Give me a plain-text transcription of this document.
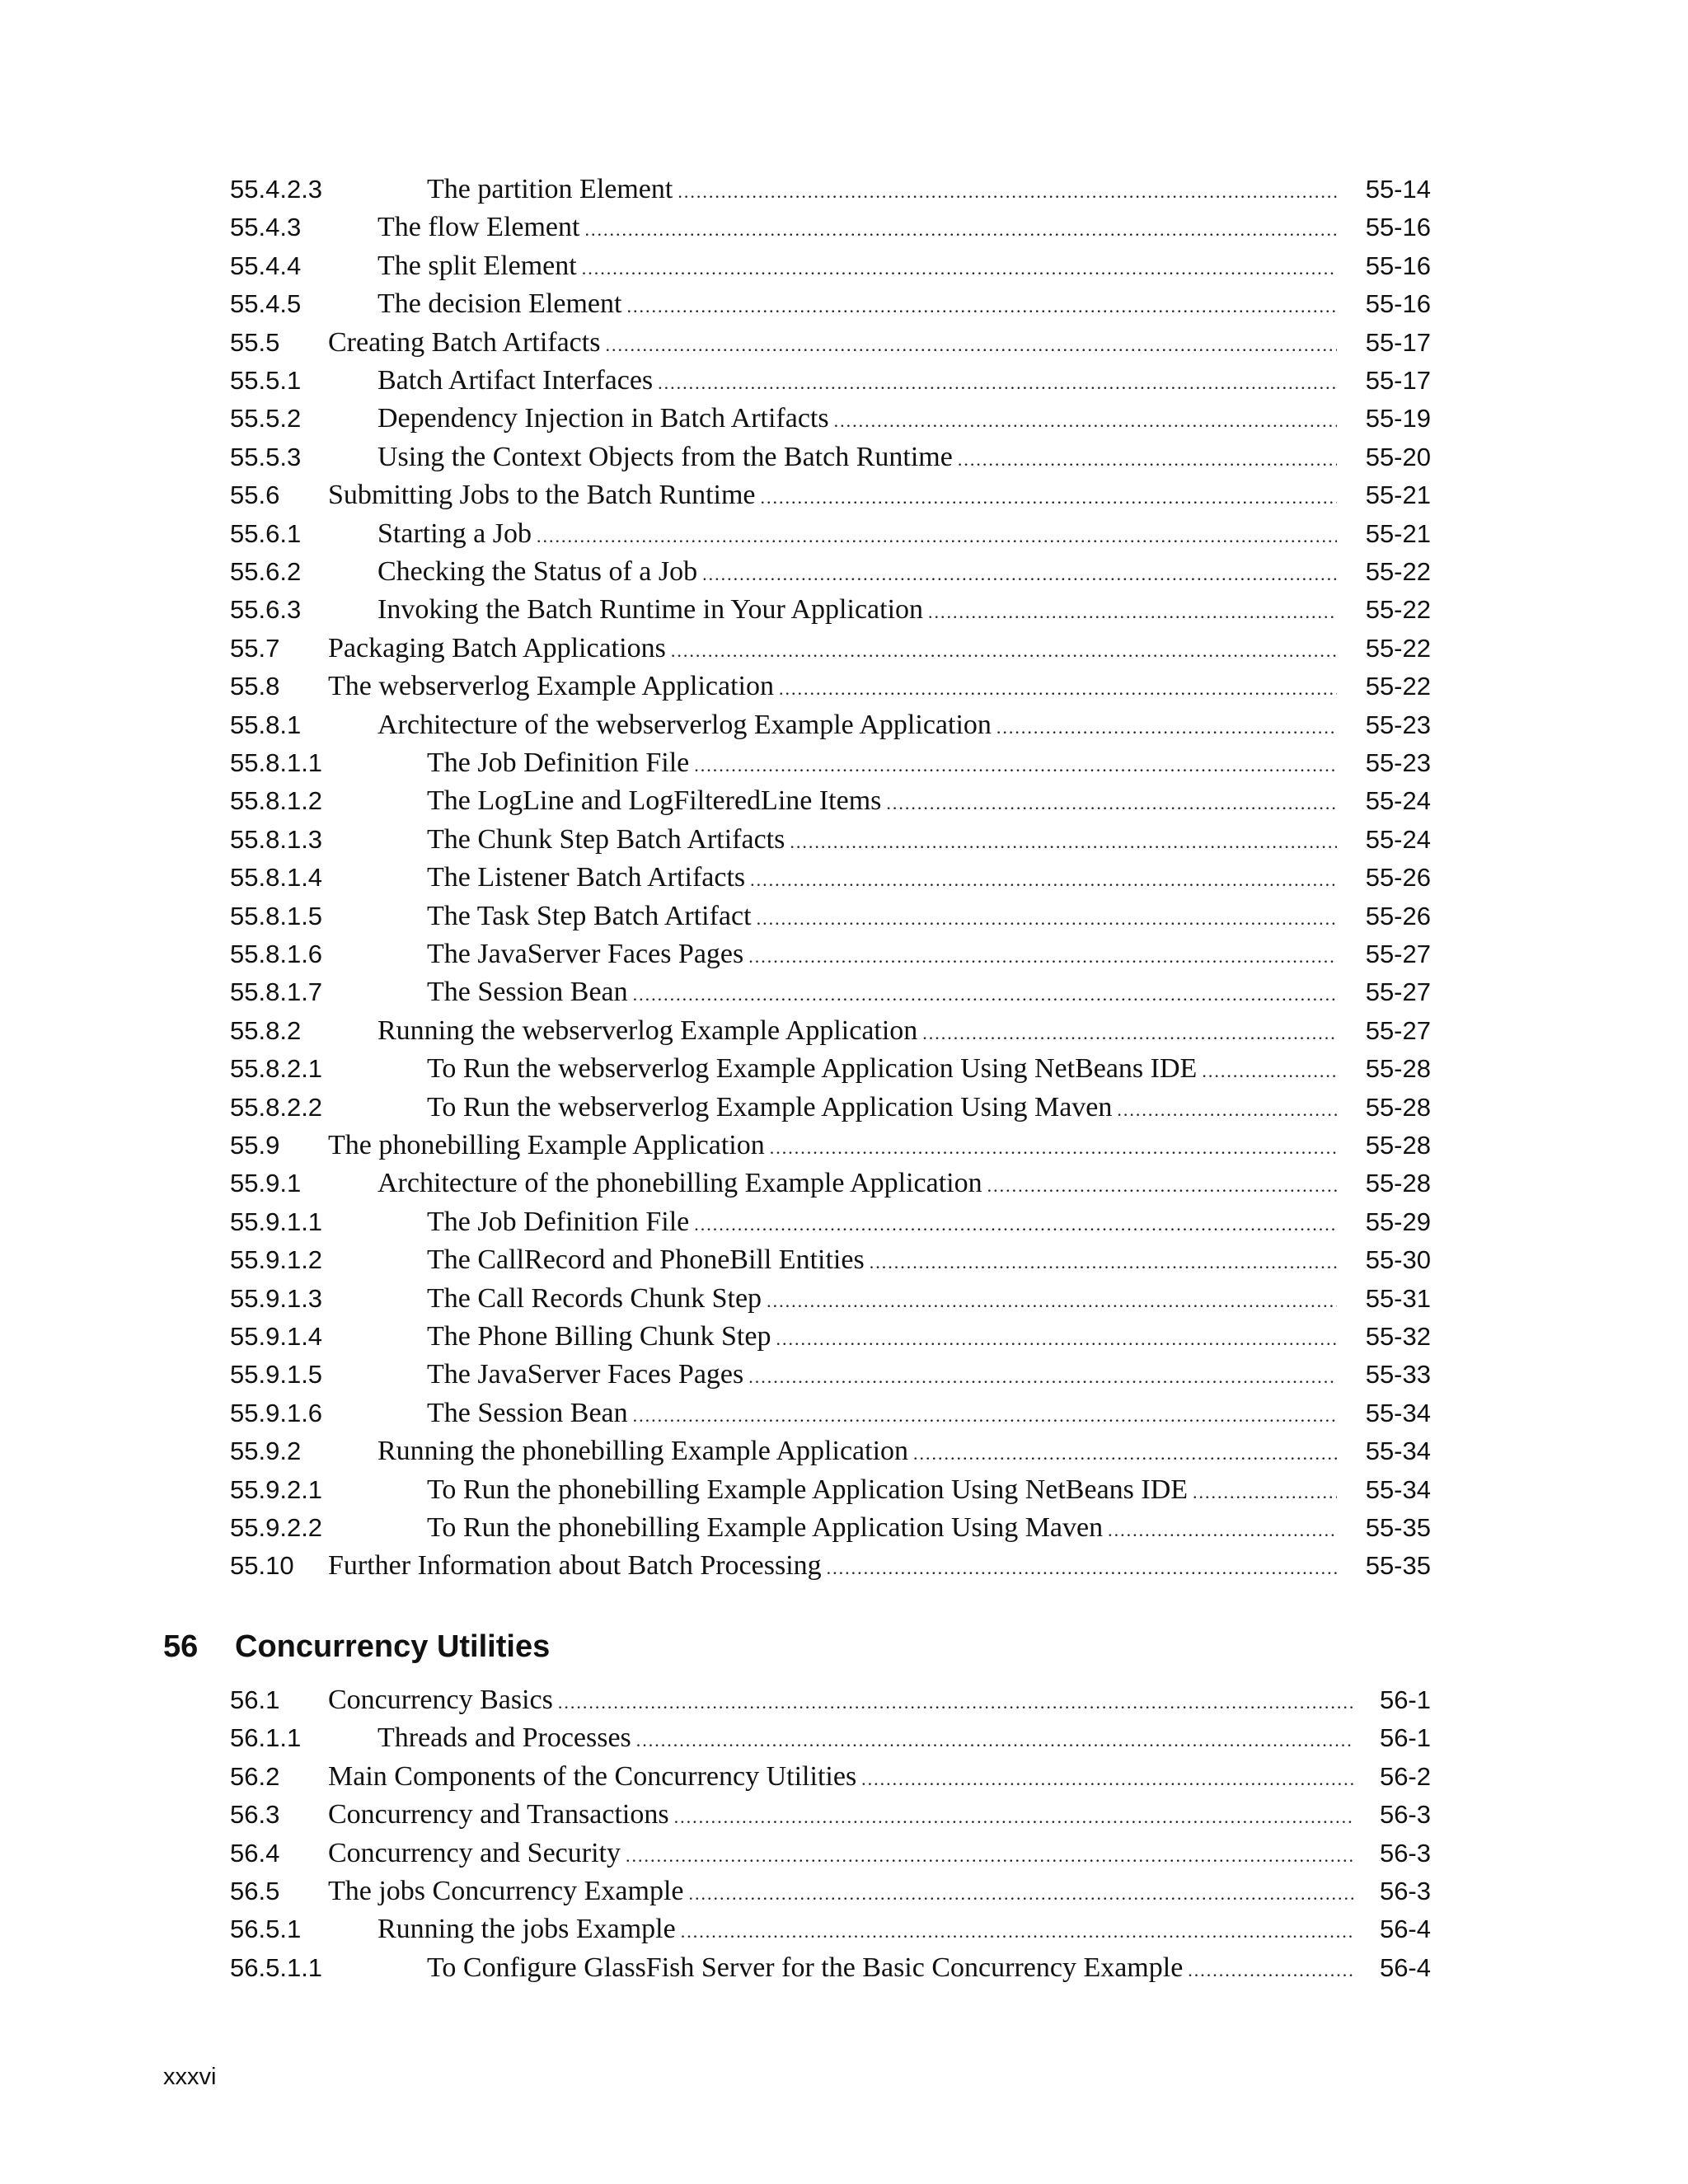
55.4.2.3	The partition Element .....	55-14
55.4.3	The flow Element .....	55-16
55.4.4	The split Element .....	55-16
55.4.5	The decision Element .....	55-16
55.5 Creating Batch Artifacts .....	55-17
55.5.1	Batch Artifact Interfaces .....	55-17
55.5.2	Dependency Injection in Batch Artifacts .....	55-19
55.5.3	Using the Context Objects from the Batch Runtime .....	55-20
55.6 Submitting Jobs to the Batch Runtime .....	55-21
55.6.1	Starting a Job .....	55-21
55.6.2	Checking the Status of a Job .....	55-22
55.6.3	Invoking the Batch Runtime in Your Application .....	55-22
55.7 Packaging Batch Applications .....	55-22
55.8 The webserverlog Example Application .....	55-22
55.8.1	Architecture of the webserverlog Example Application .....	55-23
55.8.1.1	The Job Definition File .....	55-23
55.8.1.2	The LogLine and LogFilteredLine Items .....	55-24
55.8.1.3	The Chunk Step Batch Artifacts .....	55-24
55.8.1.4	The Listener Batch Artifacts .....	55-26
55.8.1.5	The Task Step Batch Artifact .....	55-26
55.8.1.6	The JavaServer Faces Pages .....	55-27
55.8.1.7	The Session Bean .....	55-27
55.8.2	Running the webserverlog Example Application .....	55-27
55.8.2.1	To Run the webserverlog Example Application Using NetBeans IDE .....	55-28
55.8.2.2	To Run the webserverlog Example Application Using Maven .....	55-28
55.9 The phonebilling Example Application .....	55-28
55.9.1	Architecture of the phonebilling Example Application .....	55-28
55.9.1.1	The Job Definition File .....	55-29
55.9.1.2	The CallRecord and PhoneBill Entities .....	55-30
55.9.1.3	The Call Records Chunk Step .....	55-31
55.9.1.4	The Phone Billing Chunk Step .....	55-32
55.9.1.5	The JavaServer Faces Pages .....	55-33
55.9.1.6	The Session Bean .....	55-34
55.9.2	Running the phonebilling Example Application .....	55-34
55.9.2.1	To Run the phonebilling Example Application Using NetBeans IDE .....	55-34
55.9.2.2	To Run the phonebilling Example Application Using Maven .....	55-35
55.10 Further Information about Batch Processing .....	55-35
56 Concurrency Utilities
56.1 Concurrency Basics .....	56-1
56.1.1	Threads and Processes .....	56-1
56.2 Main Components of the Concurrency Utilities .....	56-2
56.3 Concurrency and Transactions .....	56-3
56.4 Concurrency and Security .....	56-3
56.5 The jobs Concurrency Example .....	56-3
56.5.1	Running the jobs Example .....	56-4
56.5.1.1	To Configure GlassFish Server for the Basic Concurrency Example .....	56-4
xxxvi
